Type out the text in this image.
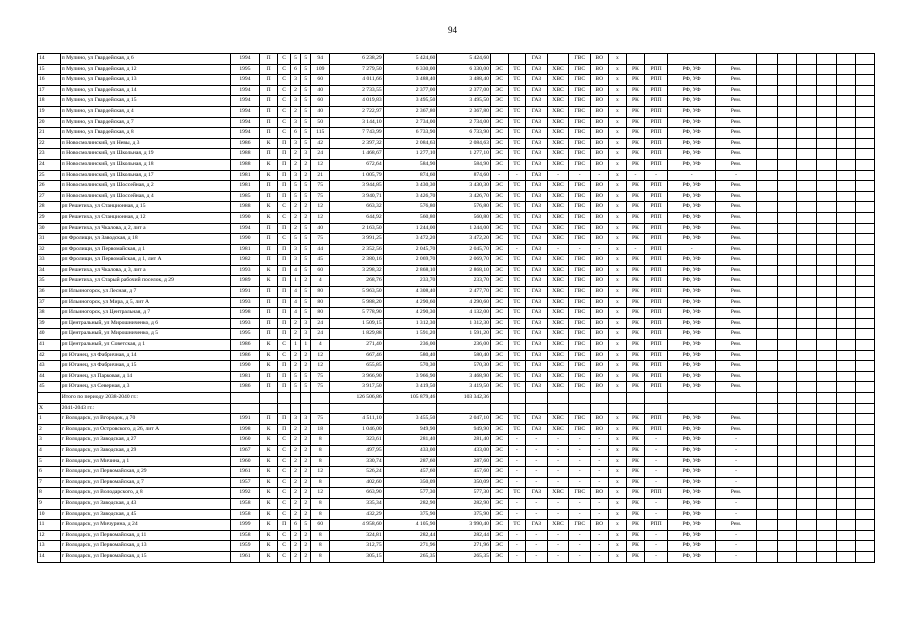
94
14	п Мулино, ул Гвардейская, д 6	1994	П	С	5	5	94	6 238,29	5 424,60	5 424,60			ГАЗ		ГВС	ВО	х										
15	п Мулино, ул Гвардейская, д 12	1995	П	С	6	5	109	7 279,50	6 330,00	6 330,00	ЭС	ТС	ГАЗ	ХВС	ГВС	ВО	х	РК	РПП	РФ, УФ	Рем.						
16	п Мулино, ул Гвардейская, д 13	1994	П	С	3	5	60	4 011,66	3 488,40	3 488,40	ЭС	ТС	ГАЗ	ХВС	ГВС	ВО	х	РК	РПП	РФ, УФ	Рем.						
17	п Мулино, ул Гвардейская, д 14	1994	П	С	2	5	40	2 733,55	2 377,00	2 377,00	ЭС	ТС	ГАЗ	ХВС	ГВС	ВО	х	РК	РПП	РФ, УФ	Рем.						
18	п Мулино, ул Гвардейская, д 15	1994	П	С	3	5	60	4 019,83	3 495,50	3 495,50	ЭС	ТС	ГАЗ	ХВС	ГВС	ВО	х	РК	РПП	РФ, УФ	Рем.						
19	п Мулино, ул Гвардейская, д 4	1994	П	С	2	5	40	2 722,97	2 367,80	2 367,80	ЭС	ТС	ГАЗ	ХВС	ГВС	ВО	х	РК	РПП	РФ, УФ	Рем.						
20	п Мулино, ул Гвардейская, д 7	1994	П	С	3	5	50	3 144,10	2 734,00	2 734,00	ЭС	ТС	ГАЗ	ХВС	ГВС	ВО	х	РК	РПП	РФ, УФ	Рем.						
21	п Мулино, ул Гвардейская, д 8	1994	П	С	6	5	115	7 743,99	6 733,90	6 733,90	ЭС	ТС	ГАЗ	ХВС	ГВС	ВО	х	РК	РПП	РФ, УФ	Рем.						
22	п Новосмолинский, ул Невы, д 3	1986	К	П	3	5	42	2 397,32	2 084,63	2 084,63	ЭС	ТС	ГАЗ	ХВС	ГВС	ВО	х	РК	РПП	РФ, УФ	Рем.						
23	п Новосмолинский, ул Школьная, д 19	1988	П	П	2	3	24	1 468,67	1 277,10	1 277,10	ЭС	ТС	ГАЗ	ХВС	ГВС	ВО	х	РК	РПП	РФ, УФ	Рем.						
24	п Новосмолинский, ул Школьная, д 18	1988	К	П	2	2	12	672,64	584,90	584,90	ЭС	ТС	ГАЗ	ХВС	ГВС	ВО	х	РК	РПП	РФ, УФ	Рем.						
25	п Новосмолинский, ул Школьная, д 17	1981	К	П	3	2	21	1 005,79	874,60	874,60	-	-	ГАЗ	-	-	-	х	-	-	-	-						
26	п Новосмолинский, ул Шоссейная, д 2	1981	П	П	5	5	75	3 944,85	3 430,30	3 430,30	ЭС	ТС	ГАЗ	ХВС	ГВС	ВО	х	РК	РПП	РФ, УФ	Рем.						
27	п Новосмолинский, ул Шоссейная, д 4	1985	П	П	5	5	75	3 940,71	3 426,70	3 426,70	ЭС	ТС	ГАЗ	ХВС	ГВС	ВО	х	РК	РПП	РФ, УФ	Рем.						
28	рп Решетиха, ул Станционная, д 15	1988	К	С	2	2	12	663,32	576,80	576,80	ЭС	ТС	ГАЗ	ХВС	ГВС	ВО	х	РК	РПП	РФ, УФ	Рем.						
29	рп Решетиха, ул Станционная, д 12	1990	К	С	2	2	12	644,92	560,80	560,80	ЭС	ТС	ГАЗ	ХВС	ГВС	ВО	х	РК	РПП	РФ, УФ	Рем.						
30	рп Решетиха, ул Чкалова, д 2, лит а	1994	П	П	2	5	40	2 163,50	1 244,00	1 244,00	ЭС	ТС	ГАЗ	ХВС	ГВС	ВО	х	РК	РПП	РФ, УФ	Рем.						
31	рп Фролищи, ул Заводская, д 18	1990	П	С	5	5	75	3 991,25	3 472,20	3 472,20	ЭС	ТС	ГАЗ	ХВС	ГВС	ВО	х	РК	РПП	РФ, УФ	Рем.						
32	рп Фролищи, ул Первомайская, д 1	1981	П	П	3	5	44	2 352,56	2 045,70	2 045,70	ЭС	-	ГАЗ	-	-	-	х	-	РПП	-	Рем.						
33	рп Фролищи, ул Первомайская, д 1, лит А	1982	П	П	3	5	45	2 380,16	2 069,70	2 069,70	ЭС	ТС	ГАЗ	ХВС	ГВС	ВО	х	РК	РПП	РФ, УФ	Рем.						
34	рп Решетиха, ул Чкалова, д 3, лит а	1993	К	П	4	5	60	3 298,32	2 868,10	2 868,10	ЭС	ТС	ГАЗ	ХВС	ГВС	ВО	х	РК	РПП	РФ, УФ	Рем.						
35	рп Решетиха, ул Старый рабочий поселок, д 29	1989	К	П	1	2	4	268,76	233,70	233,70	ЭС	ТС	ГАЗ	ХВС	ГВС	ВО	х	РК	РПП	РФ, УФ	Рем.						
36	рп Ильиногорск, ул Лесная, д 7	1991	П	П	4	5	80	5 963,50	4 308,40	2 477,70	ЭС	ТС	ГАЗ	ХВС	ГВС	ВО	х	РК	РПП	РФ, УФ	Рем.						
37	рп Ильиногорск, ул Мира, д 5, лит А	1993	П	П	4	5	80	5 988,20	4 290,60	4 290,60	ЭС	ТС	ГАЗ	ХВС	ГВС	ВО	х	РК	РПП	РФ, УФ	Рем.						
38	рп Ильиногорск, ул Центральная, д 7	1998	П	П	4	5	80	5 778,90	4 290,30	4 132,00	ЭС	ТС	ГАЗ	ХВС	ГВС	ВО	х	РК	РПП	РФ, УФ	Рем.						
39	рп Центральный, ул Мирошниченко, д 6	1993	П	П	2	3	24	1 509,15	1 312,30	1 312,30	ЭС	ТС	ГАЗ	ХВС	ГВС	ВО	х	РК	РПП	РФ, УФ	Рем.						
40	рп Центральный, ул Мирошниченко, д 5	1995	П	П	2	3	24	1 829,88	1 591,20	1 591,20	ЭС	ТС	ГАЗ	ХВС	ГВС	ВО	х	РК	РПП	РФ, УФ	Рем.						
41	рп Центральный, ул Советская, д 1	1986	К	С	1	1	4	271,40	236,00	236,00	ЭС	ТС	ГАЗ	ХВС	ГВС	ВО	х	РК	РПП	РФ, УФ	Рем.						
42	рп Юганец, ул Фабричная, д 14	1986	К	С	2	2	12	667,46	580,40	580,40	ЭС	ТС	ГАЗ	ХВС	ГВС	ВО	х	РК	РПП	РФ, УФ	Рем.						
43	рп Юганец, ул Фабричная, д 15	1990	К	П	2	2	12	655,85	570,30	570,30	ЭС	ТС	ГАЗ	ХВС	ГВС	ВО	х	РК	РПП	РФ, УФ	Рем.						
44	рп Юганец, ул Парковая, д 14	1981	П	П	5	5	75	3 966,90	3 966,90	3 468,90	ЭС	ТС	ГАЗ	ХВС	ГВС	ВО	х	РК	РПП	РФ, УФ	Рем.						
45	рп Юганец, ул Северная, д 3	1986	П	П	5	5	75	3 917,50	3 419,50	3 419,50	ЭС	ТС	ГАЗ	ХВС	ГВС	ВО	х	РК	РПП	РФ, УФ	Рем.						
	Итого по периоду 2038-2040 гг.:							126 506,86	105 879,46	103 342,36																	
X	2041-2043 гг.:																										
1	г Володарск, ул Вгородок, д 70	1991	П	П	3	3	75	4 511,10	3 455,50	2 047,10	ЭС	ТС	ГАЗ	ХВС	ГВС	ВО	х	РК	РПП	РФ, УФ	Рем.						
2	г Володарск, ул Островского, д 26, лит А	1998	К	П	2	2	18	1 046,00	949,90	949,90	ЭС	ТС	ГАЗ	ХВС	ГВС	ВО	х	РК	РПП	РФ, УФ	Рем.						
3	г Володарск, ул Заводская, д 27	1960	К	С	2	2	8	323,61	281,40	281,40	ЭС	-	-	-	-	-	х	РК	-	РФ, УФ	-						
4	г Володарск, ул Заводская, д 29	1967	К	С	2	2	8	497,95	433,00	433,00	ЭС	-	-	-	-	-	х	РК	-	РФ, УФ	-						
5	г Володарск, ул Мичина, д 1	1960	К	С	2	2	8	330,74	287,60	287,60	ЭС	-	-	-	-	-	х	РК	-	РФ, УФ	-						
6	г Володарск, ул Первомайская, д 29	1961	К	С	2	2	12	526,24	457,60	457,60	ЭС	-	-	-	-	-	х	РК	-	РФ, УФ	-						
7	г Володарск, ул Первомайская, д 7	1957	К	С	2	2	8	402,60	350,09	350,09	ЭС	-	-	-	-	-	х	РК	-	РФ, УФ	-						
8	г Володарск, ул Володарского, д 8	1992	К	С	2	2	12	663,90	577,30	577,30	ЭС	ТС	ГАЗ	ХВС	ГВС	ВО	х	РК	РПП	РФ, УФ	Рем.						
9	г Володарск, ул Заводская, д 43	1958	К	С	2	2	8	335,34	282,90	282,90	ЭС	-	-	-	-	-	х	РК	-	РФ, УФ	-						
10	г Володарск, ул Заводская, д 45	1958	К	С	2	2	8	432,29	375,90	375,90	ЭС	-	-	-	-	-	х	РК	-	РФ, УФ	-						
11	г Володарск, ул Мичурина, д 24	1999	К	П	6	5	60	4 958,60	4 105,90	3 990,40	ЭС	ТС	ГАЗ	ХВС	ГВС	ВО	х	РК	РПП	РФ, УФ	Рем.						
12	г Володарск, ул Первомайская, д 11	1958	К	С	2	2	8	324,81	282,44	282,44	ЭС	-	-	-	-	-	х	РК	-	РФ, УФ	-						
13	г Володарск, ул Первомайская, д 13	1959	К	С	2	2	8	312,75	271,96	271,96	ЭС	-	-	-	-	-	х	РК	-	РФ, УФ	-						
14	г Володарск, ул Первомайская, д 15	1961	К	С	2	2	8	305,15	265,35	265,35	ЭС	-	-	-	-	-	х	РК	-	РФ, УФ	-						
